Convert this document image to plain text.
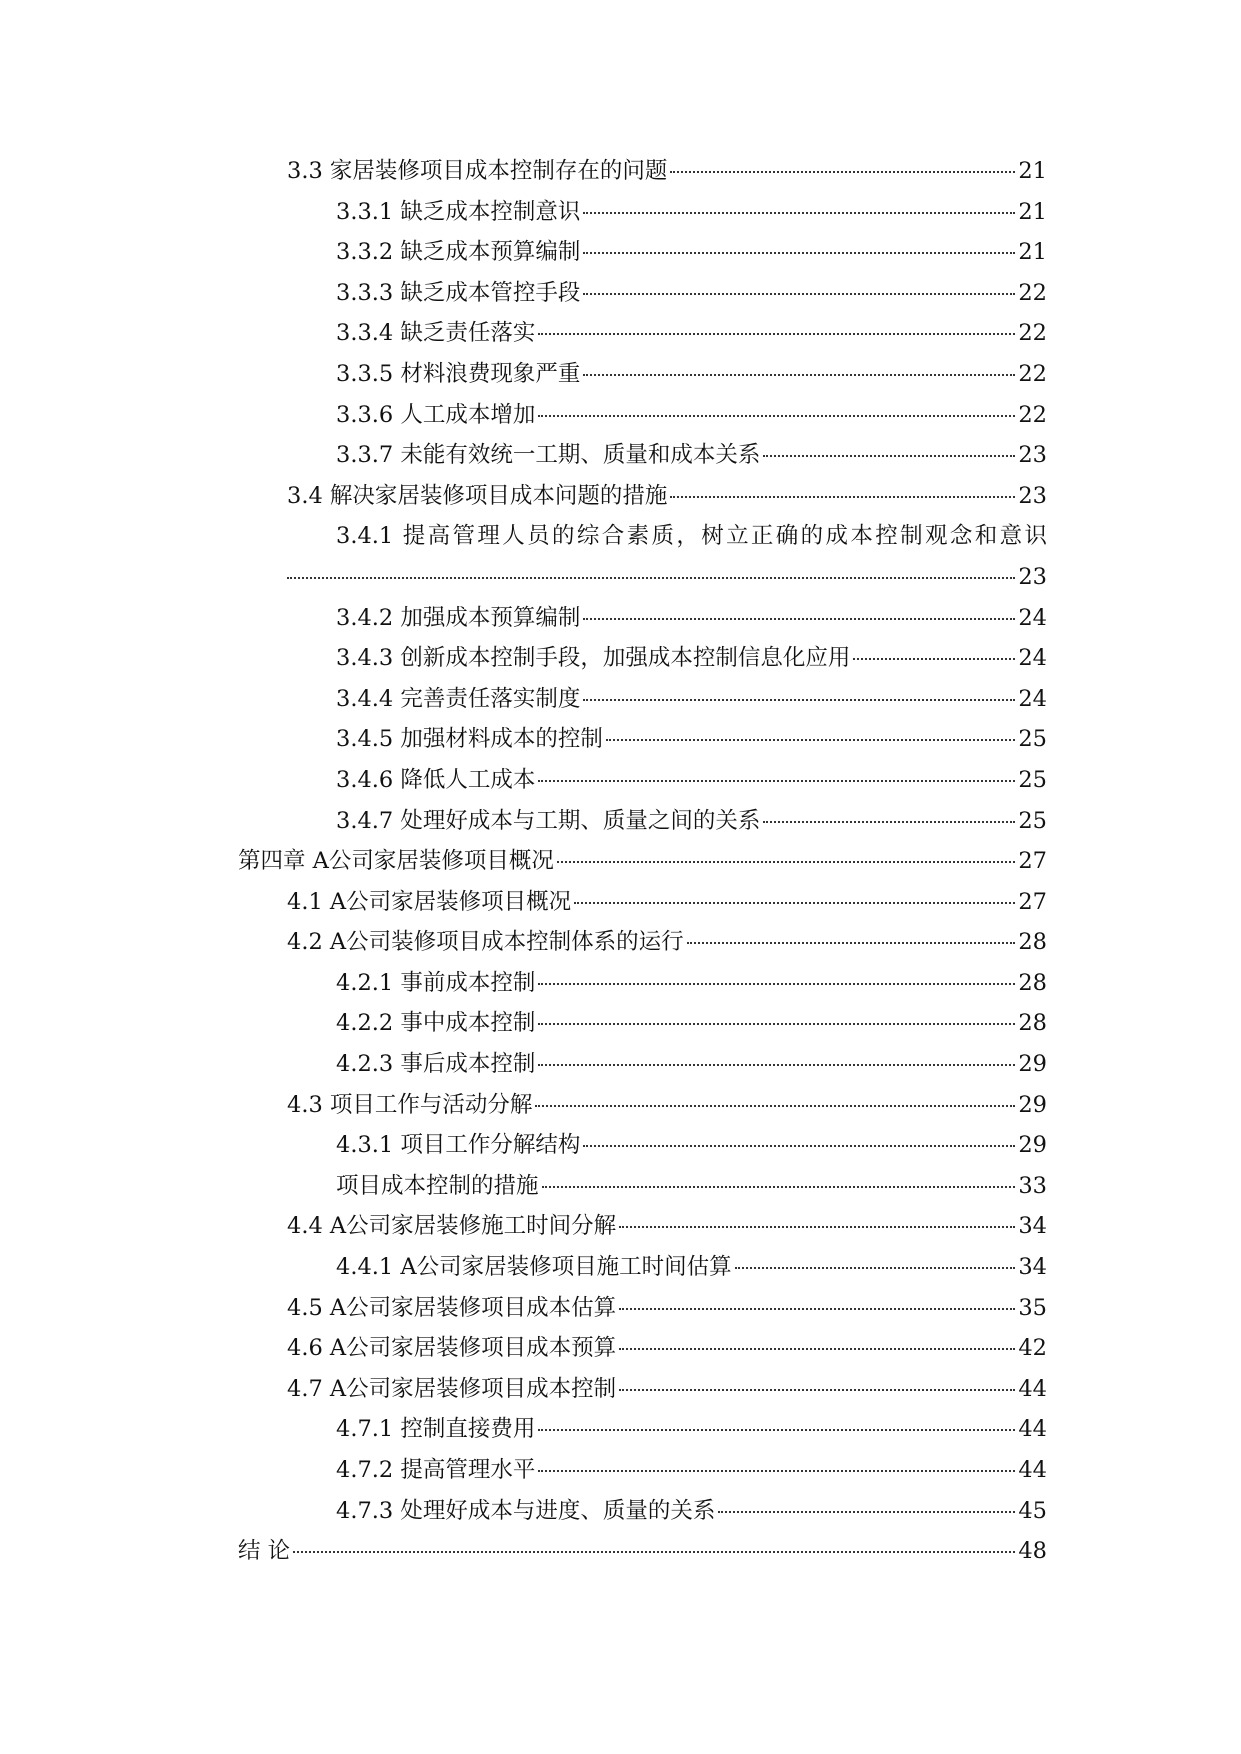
3.3 家居装修项目成本控制存在的问题	21
3.3.1 缺乏成本控制意识	21
3.3.2 缺乏成本预算编制	21
3.3.3 缺乏成本管控手段	22
3.3.4 缺乏责任落实	22
3.3.5 材料浪费现象严重	22
3.3.6 人工成本增加	22
3.3.7 未能有效统一工期、质量和成本关系	23
3.4 解决家居装修项目成本问题的措施	23
3.4.1 提高管理人员的综合素质，树立正确的成本控制观念和意识
23
3.4.2 加强成本预算编制	24
3.4.3 创新成本控制手段，加强成本控制信息化应用	24
3.4.4 完善责任落实制度	24
3.4.5 加强材料成本的控制	25
3.4.6 降低人工成本	25
3.4.7 处理好成本与工期、质量之间的关系	25
第四章 A公司家居装修项目概况	27
4.1 A公司家居装修项目概况	27
4.2 A公司装修项目成本控制体系的运行	28
4.2.1 事前成本控制	28
4.2.2 事中成本控制	28
4.2.3 事后成本控制	29
4.3 项目工作与活动分解	29
4.3.1 项目工作分解结构	29
项目成本控制的措施	33
4.4 A公司家居装修施工时间分解	34
4.4.1 A公司家居装修项目施工时间估算	34
4.5 A公司家居装修项目成本估算	35
4.6 A公司家居装修项目成本预算	42
4.7 A公司家居装修项目成本控制	44
4.7.1 控制直接费用	44
4.7.2 提高管理水平	44
4.7.3 处理好成本与进度、质量的关系	45
结 论	48
